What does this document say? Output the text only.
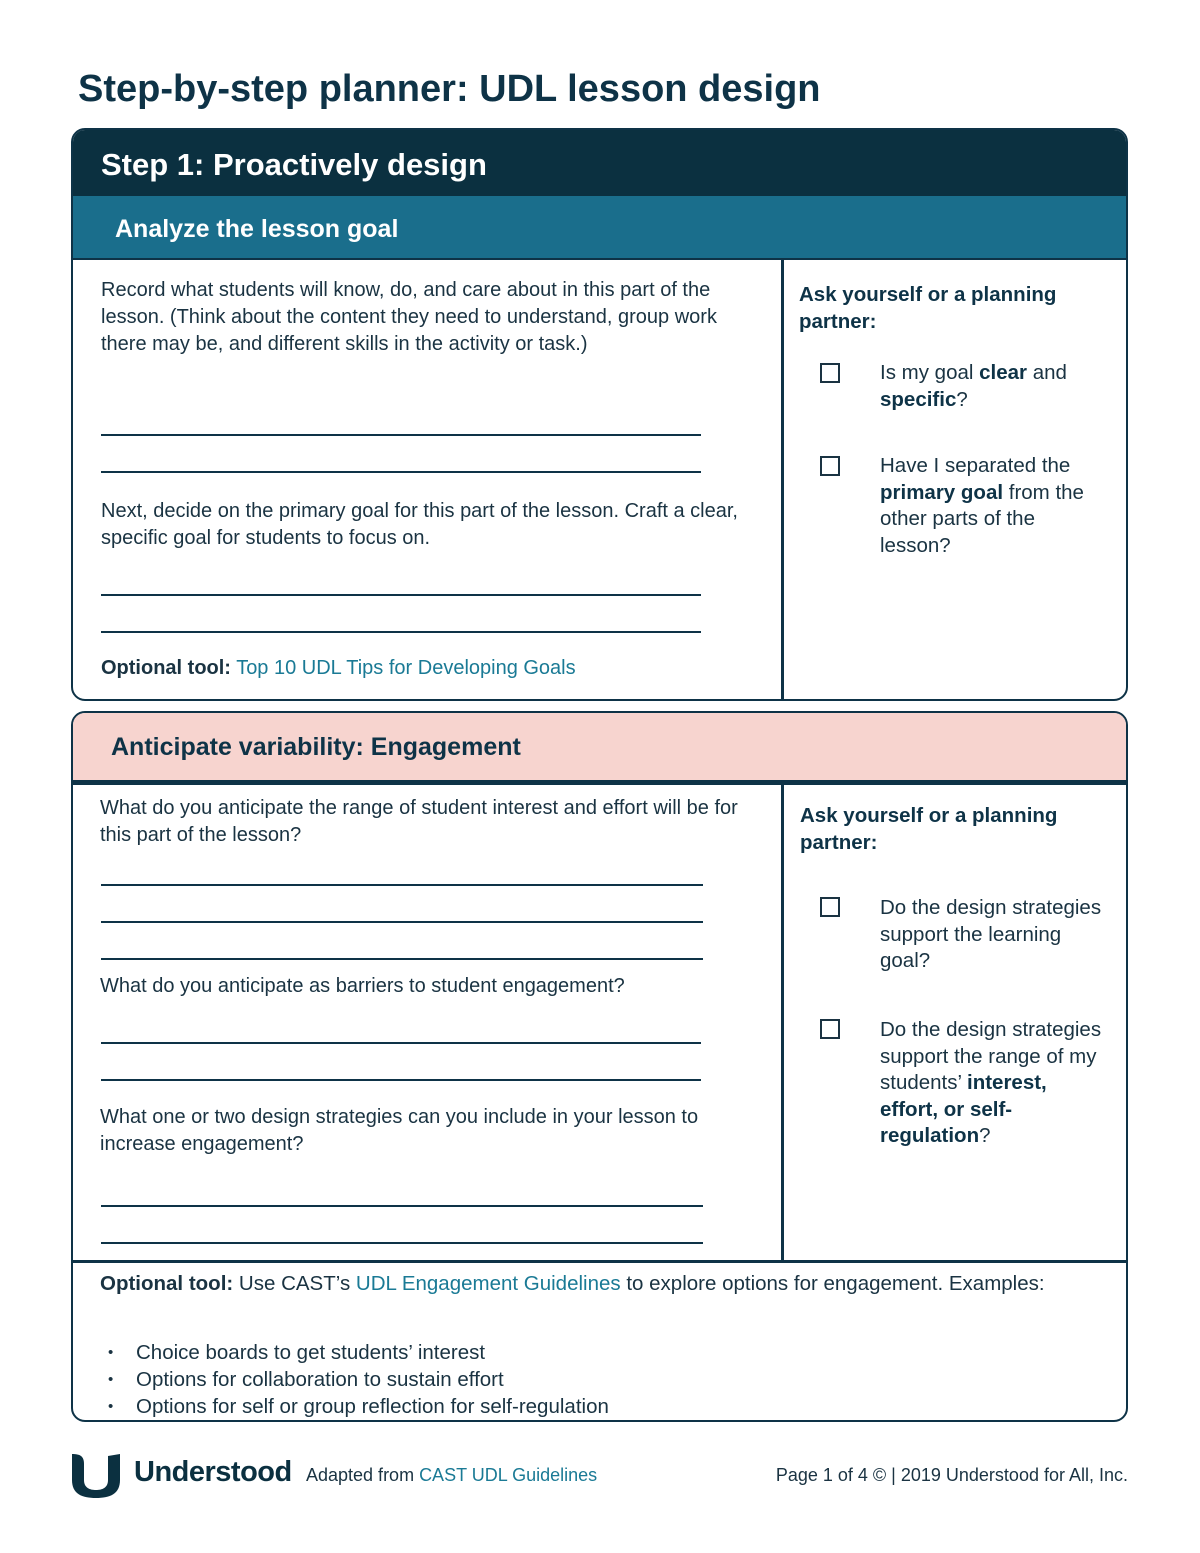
Step-by-step planner: UDL lesson design
Step 1: Proactively design
Analyze the lesson goal

Record what students will know, do, and care about in this part of the lesson. (Think about the content they need to understand, group work there may be, and different skills in the activity or task.)

Next, decide on the primary goal for this part of the lesson. Craft a clear, specific goal for students to focus on.

Optional tool: Top 10 UDL Tips for Developing Goals

Ask yourself or a planning partner:

Is my goal clear and specific?

Have I separated the primary goal from the other parts of the lesson?

Anticipate variability: Engagement

What do you anticipate the range of student interest and effort will be for this part of the lesson?

What do you anticipate as barriers to student engagement?

What one or two design strategies can you include in your lesson to increase engagement?

Ask yourself or a planning partner:

Do the design strategies support the learning goal?

Do the design strategies support the range of my students’ interest, effort, or self-regulation?

Optional tool: Use CAST’s UDL Engagement Guidelines to explore options for engagement. Examples:

• Choice boards to get students’ interest
• Options for collaboration to sustain effort
• Options for self or group reflection for self-regulation
Understood Adapted from CAST UDL Guidelines	Page 1 of 4 © | 2019 Understood for All, Inc.
